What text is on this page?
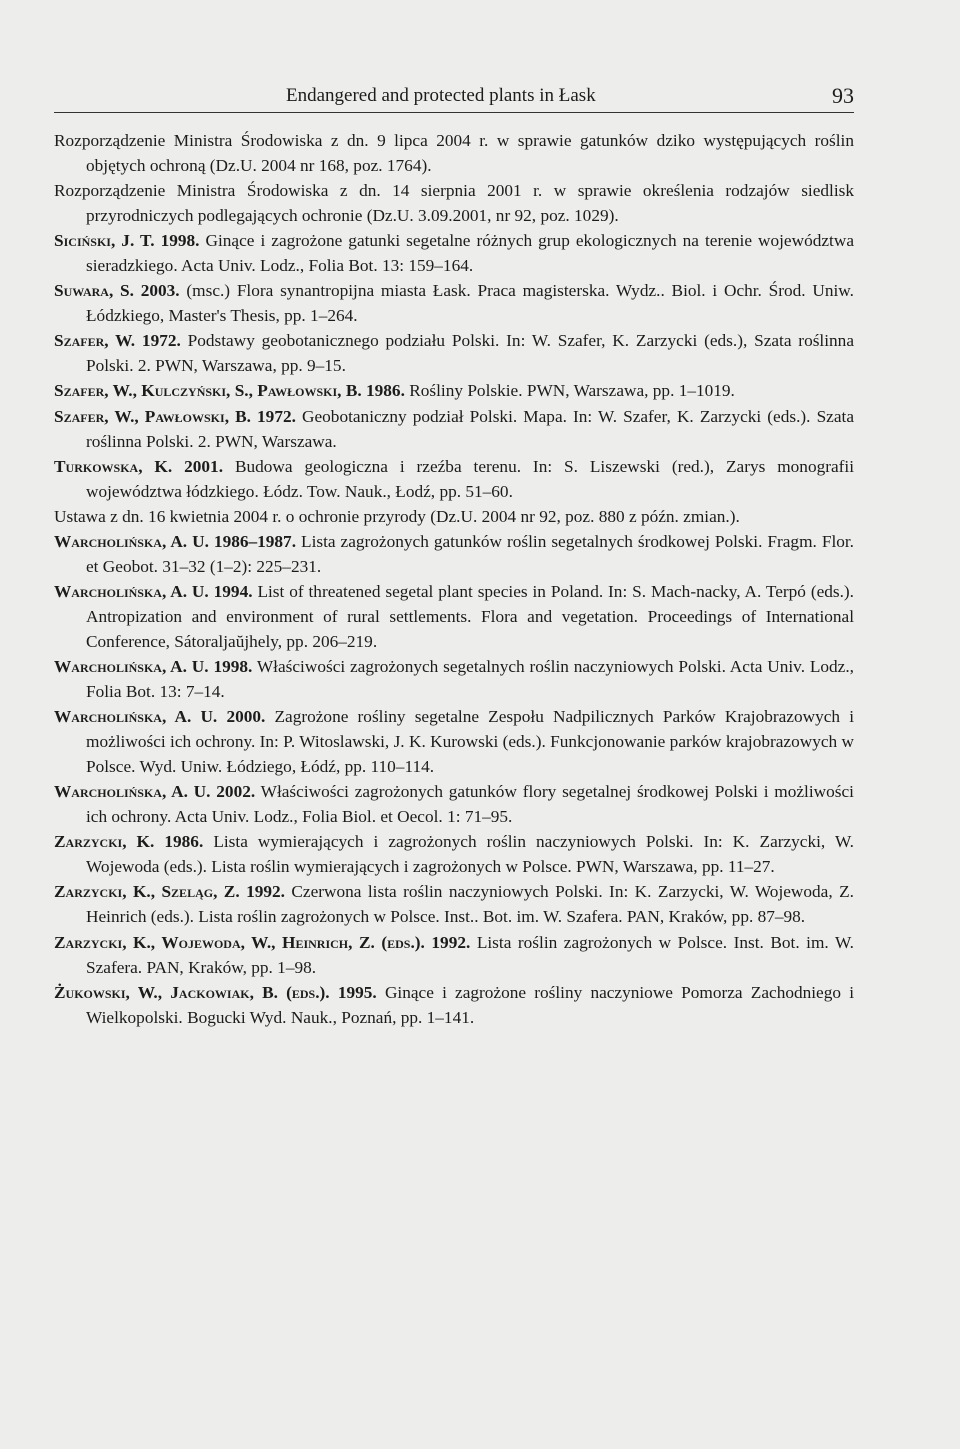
Endangered and protected plants in Łask	93
Rozporządzenie Ministra Środowiska z dn. 9 lipca 2004 r. w sprawie gatunków dziko występujących roślin objętych ochroną (Dz.U. 2004 nr 168, poz. 1764).
Rozporządzenie Ministra Środowiska z dn. 14 sierpnia 2001 r. w sprawie określenia rodzajów siedlisk przyrodniczych podlegających ochronie (Dz.U. 3.09.2001, nr 92, poz. 1029).
Siciński, J. T. 1998. Ginące i zagrożone gatunki segetalne różnych grup ekologicznych na terenie województwa sieradzkiego. Acta Univ. Lodz., Folia Bot. 13: 159–164.
Suwara, S. 2003. (msc.) Flora synantropijna miasta Łask. Praca magisterska. Wydz.. Biol. i Ochr. Środ. Uniw. Łódzkiego, Master's Thesis, pp. 1–264.
Szafer, W. 1972. Podstawy geobotanicznego podziału Polski. In: W. Szafer, K. Zarzycki (eds.), Szata roślinna Polski. 2. PWN, Warszawa, pp. 9–15.
Szafer, W., Kulczyński, S., Pawłowski, B. 1986. Rośliny Polskie. PWN, Warszawa, pp. 1–1019.
Szafer, W., Pawłowski, B. 1972. Geobotaniczny podział Polski. Mapa. In: W. Szafer, K. Zarzycki (eds.). Szata roślinna Polski. 2. PWN, Warszawa.
Turkowska, K. 2001. Budowa geologiczna i rzeźba terenu. In: S. Liszewski (red.), Zarys monografii województwa łódzkiego. Łódz. Tow. Nauk., Łodź, pp. 51–60.
Ustawa z dn. 16 kwietnia 2004 r. o ochronie przyrody (Dz.U. 2004 nr 92, poz. 880 z późn. zmian.).
Warcholińska, A. U. 1986–1987. Lista zagrożonych gatunków roślin segetalnych środkowej Polski. Fragm. Flor. et Geobot. 31–32 (1–2): 225–231.
Warcholińska, A. U. 1994. List of threatened segetal plant species in Poland. In: S. Mach-nacky, A. Terpó (eds.). Antropization and environment of rural settlements. Flora and vegetation. Proceedings of International Conference, Sátoraljaŭjhely, pp. 206–219.
Warcholińska, A. U. 1998. Właściwości zagrożonych segetalnych roślin naczyniowych Polski. Acta Univ. Lodz., Folia Bot. 13: 7–14.
Warcholińska, A. U. 2000. Zagrożone rośliny segetalne Zespołu Nadpilicznych Parków Krajobrazowych i możliwości ich ochrony. In: P. Witoslawski, J. K. Kurowski (eds.). Funkcjonowanie parków krajobrazowych w Polsce. Wyd. Uniw. Łódziego, Łódź, pp. 110–114.
Warcholińska, A. U. 2002. Właściwości zagrożonych gatunków flory segetalnej środkowej Polski i możliwości ich ochrony. Acta Univ. Lodz., Folia Biol. et Oecol. 1: 71–95.
Zarzycki, K. 1986. Lista wymierających i zagrożonych roślin naczyniowych Polski. In: K. Zarzycki, W. Wojewoda (eds.). Lista roślin wymierających i zagrożonych w Polsce. PWN, Warszawa, pp. 11–27.
Zarzycki, K., Szeląg, Z. 1992. Czerwona lista roślin naczyniowych Polski. In: K. Zarzycki, W. Wojewoda, Z. Heinrich (eds.). Lista roślin zagrożonych w Polsce. Inst.. Bot. im. W. Szafera. PAN, Kraków, pp. 87–98.
Zarzycki, K., Wojewoda, W., Heinrich, Z. (eds.). 1992. Lista roślin zagrożonych w Polsce. Inst. Bot. im. W. Szafera. PAN, Kraków, pp. 1–98.
Żukowski, W., Jackowiak, B. (eds.). 1995. Ginące i zagrożone rośliny naczyniowe Pomorza Zachodniego i Wielkopolski. Bogucki Wyd. Nauk., Poznań, pp. 1–141.
